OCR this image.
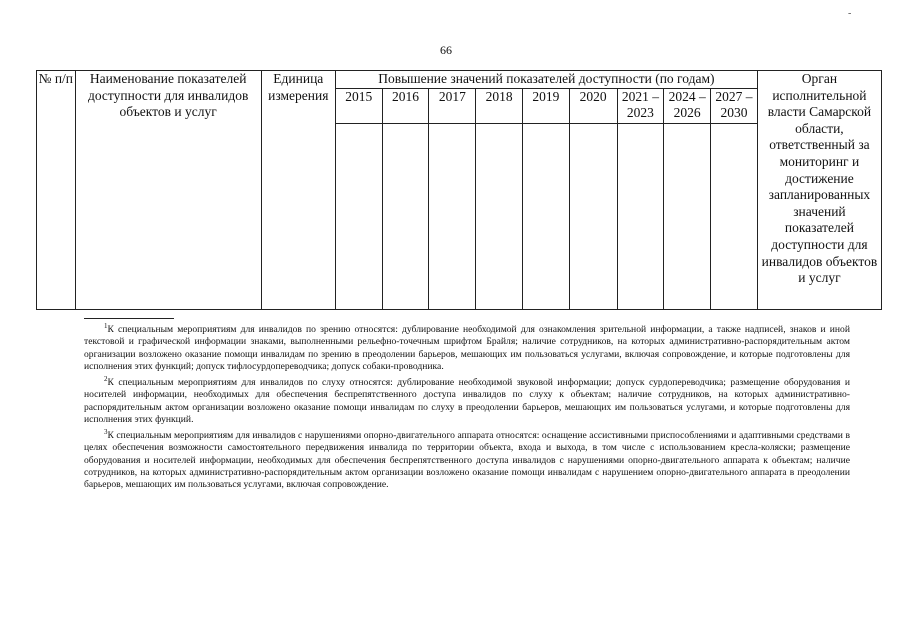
-
66
№ п/п	Наименование показателей доступности для инвалидов объектов и услуг	Единица измерения	Повышение значений показателей доступности (по годам)									Орган исполнительной власти Самарской области, ответственный за мониторинг и достижение запланированных значений показателей доступности для инвалидов объектов и услуг
			2015	2016	2017	2018	2019	2020	2021 – 2023	2024 – 2026	2027 – 2030	

$^1$К специальным мероприятиям для инвалидов по зрению относятся: дублирование необходимой для ознакомления зрительной информации, а также надписей, знаков и иной текстовой и графической информации знаками, выполненными рельефно-точечным шрифтом Брайля; наличие сотрудников, на которых административно-распорядительным актом организации возложено оказание помощи инвалидам по зрению в преодолении барьеров, мешающих им пользоваться услугами, включая сопровождение, и которые подготовлены для исполнения этих функций; допуск тифлосурдопереводчика; допуск собаки-проводника.

$^2$К специальным мероприятиям для инвалидов по слуху относятся: дублирование необходимой звуковой информации; допуск сурдопереводчика; размещение оборудования и носителей информации, необходимых для обеспечения беспрепятственного доступа инвалидов по слуху к объектам; наличие сотрудников, на которых административно-распорядительным актом организации возложено оказание помощи инвалидам по слуху в преодолении барьеров, мешающих им пользоваться услугами, и которые подготовлены для исполнения этих функций.

$^3$К специальным мероприятиям для инвалидов с нарушениями опорно-двигательного аппарата относятся: оснащение ассистивными приспособлениями и адаптивными средствами в целях обеспечения возможности самостоятельного передвижения инвалида по территории объекта, входа и выхода, в том числе с использованием кресла-коляски; размещение оборудования и носителей информации, необходимых для обеспечения беспрепятственного доступа инвалидов с нарушениями опорно-двигательного аппарата к объектам; наличие сотрудников, на которых административно-распорядительным актом организации возложено оказание помощи инвалидам с нарушением опорно-двигательного аппарата в преодолении барьеров, мешающих им пользоваться услугами, включая сопровождение.
